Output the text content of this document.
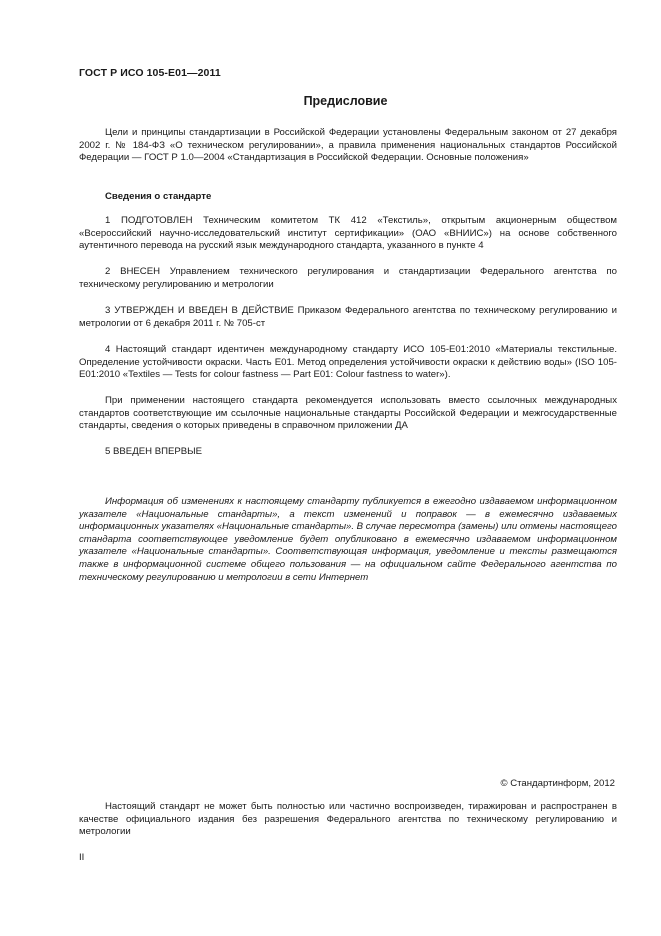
ГОСТ Р ИСО 105-Е01—2011
Предисловие
Цели и принципы стандартизации в Российской Федерации установлены Федеральным законом от 27 декабря 2002 г. № 184-ФЗ «О техническом регулировании», а правила применения национальных стандартов Российской Федерации — ГОСТ Р 1.0—2004 «Стандартизация в Российской Федерации. Основные положения»
Сведения о стандарте
1 ПОДГОТОВЛЕН Техническим комитетом ТК 412 «Текстиль», открытым акционерным обществом «Всероссийский научно-исследовательский институт сертификации» (ОАО «ВНИИС») на основе собственного аутентичного перевода на русский язык международного стандарта, указанного в пункте 4
2 ВНЕСЕН Управлением технического регулирования и стандартизации Федерального агентства по техническому регулированию и метрологии
3 УТВЕРЖДЕН И ВВЕДЕН В ДЕЙСТВИЕ Приказом Федерального агентства по техническому регулированию и метрологии от 6 декабря 2011 г. № 705-ст
4 Настоящий стандарт идентичен международному стандарту ИСО 105-Е01:2010 «Материалы текстильные. Определение устойчивости окраски. Часть Е01. Метод определения устойчивости окраски к действию воды» (ISO 105-E01:2010 «Textiles — Tests for colour fastness — Part E01: Colour fastness to water»).
При применении настоящего стандарта рекомендуется использовать вместо ссылочных международных стандартов соответствующие им ссылочные национальные стандарты Российской Федерации и межгосударственные стандарты, сведения о которых приведены в справочном приложении ДА
5 ВВЕДЕН ВПЕРВЫЕ
Информация об изменениях к настоящему стандарту публикуется в ежегодно издаваемом информационном указателе «Национальные стандарты», а текст изменений и поправок — в ежемесячно издаваемых информационных указателях «Национальные стандарты». В случае пересмотра (замены) или отмены настоящего стандарта соответствующее уведомление будет опубликовано в ежемесячно издаваемом информационном указателе «Национальные стандарты». Соответствующая информация, уведомление и тексты размещаются также в информационной системе общего пользования — на официальном сайте Федерального агентства по техническому регулированию и метрологии в сети Интернет
© Стандартинформ, 2012
Настоящий стандарт не может быть полностью или частично воспроизведен, тиражирован и распространен в качестве официального издания без разрешения Федерального агентства по техническому регулированию и метрологии
II
